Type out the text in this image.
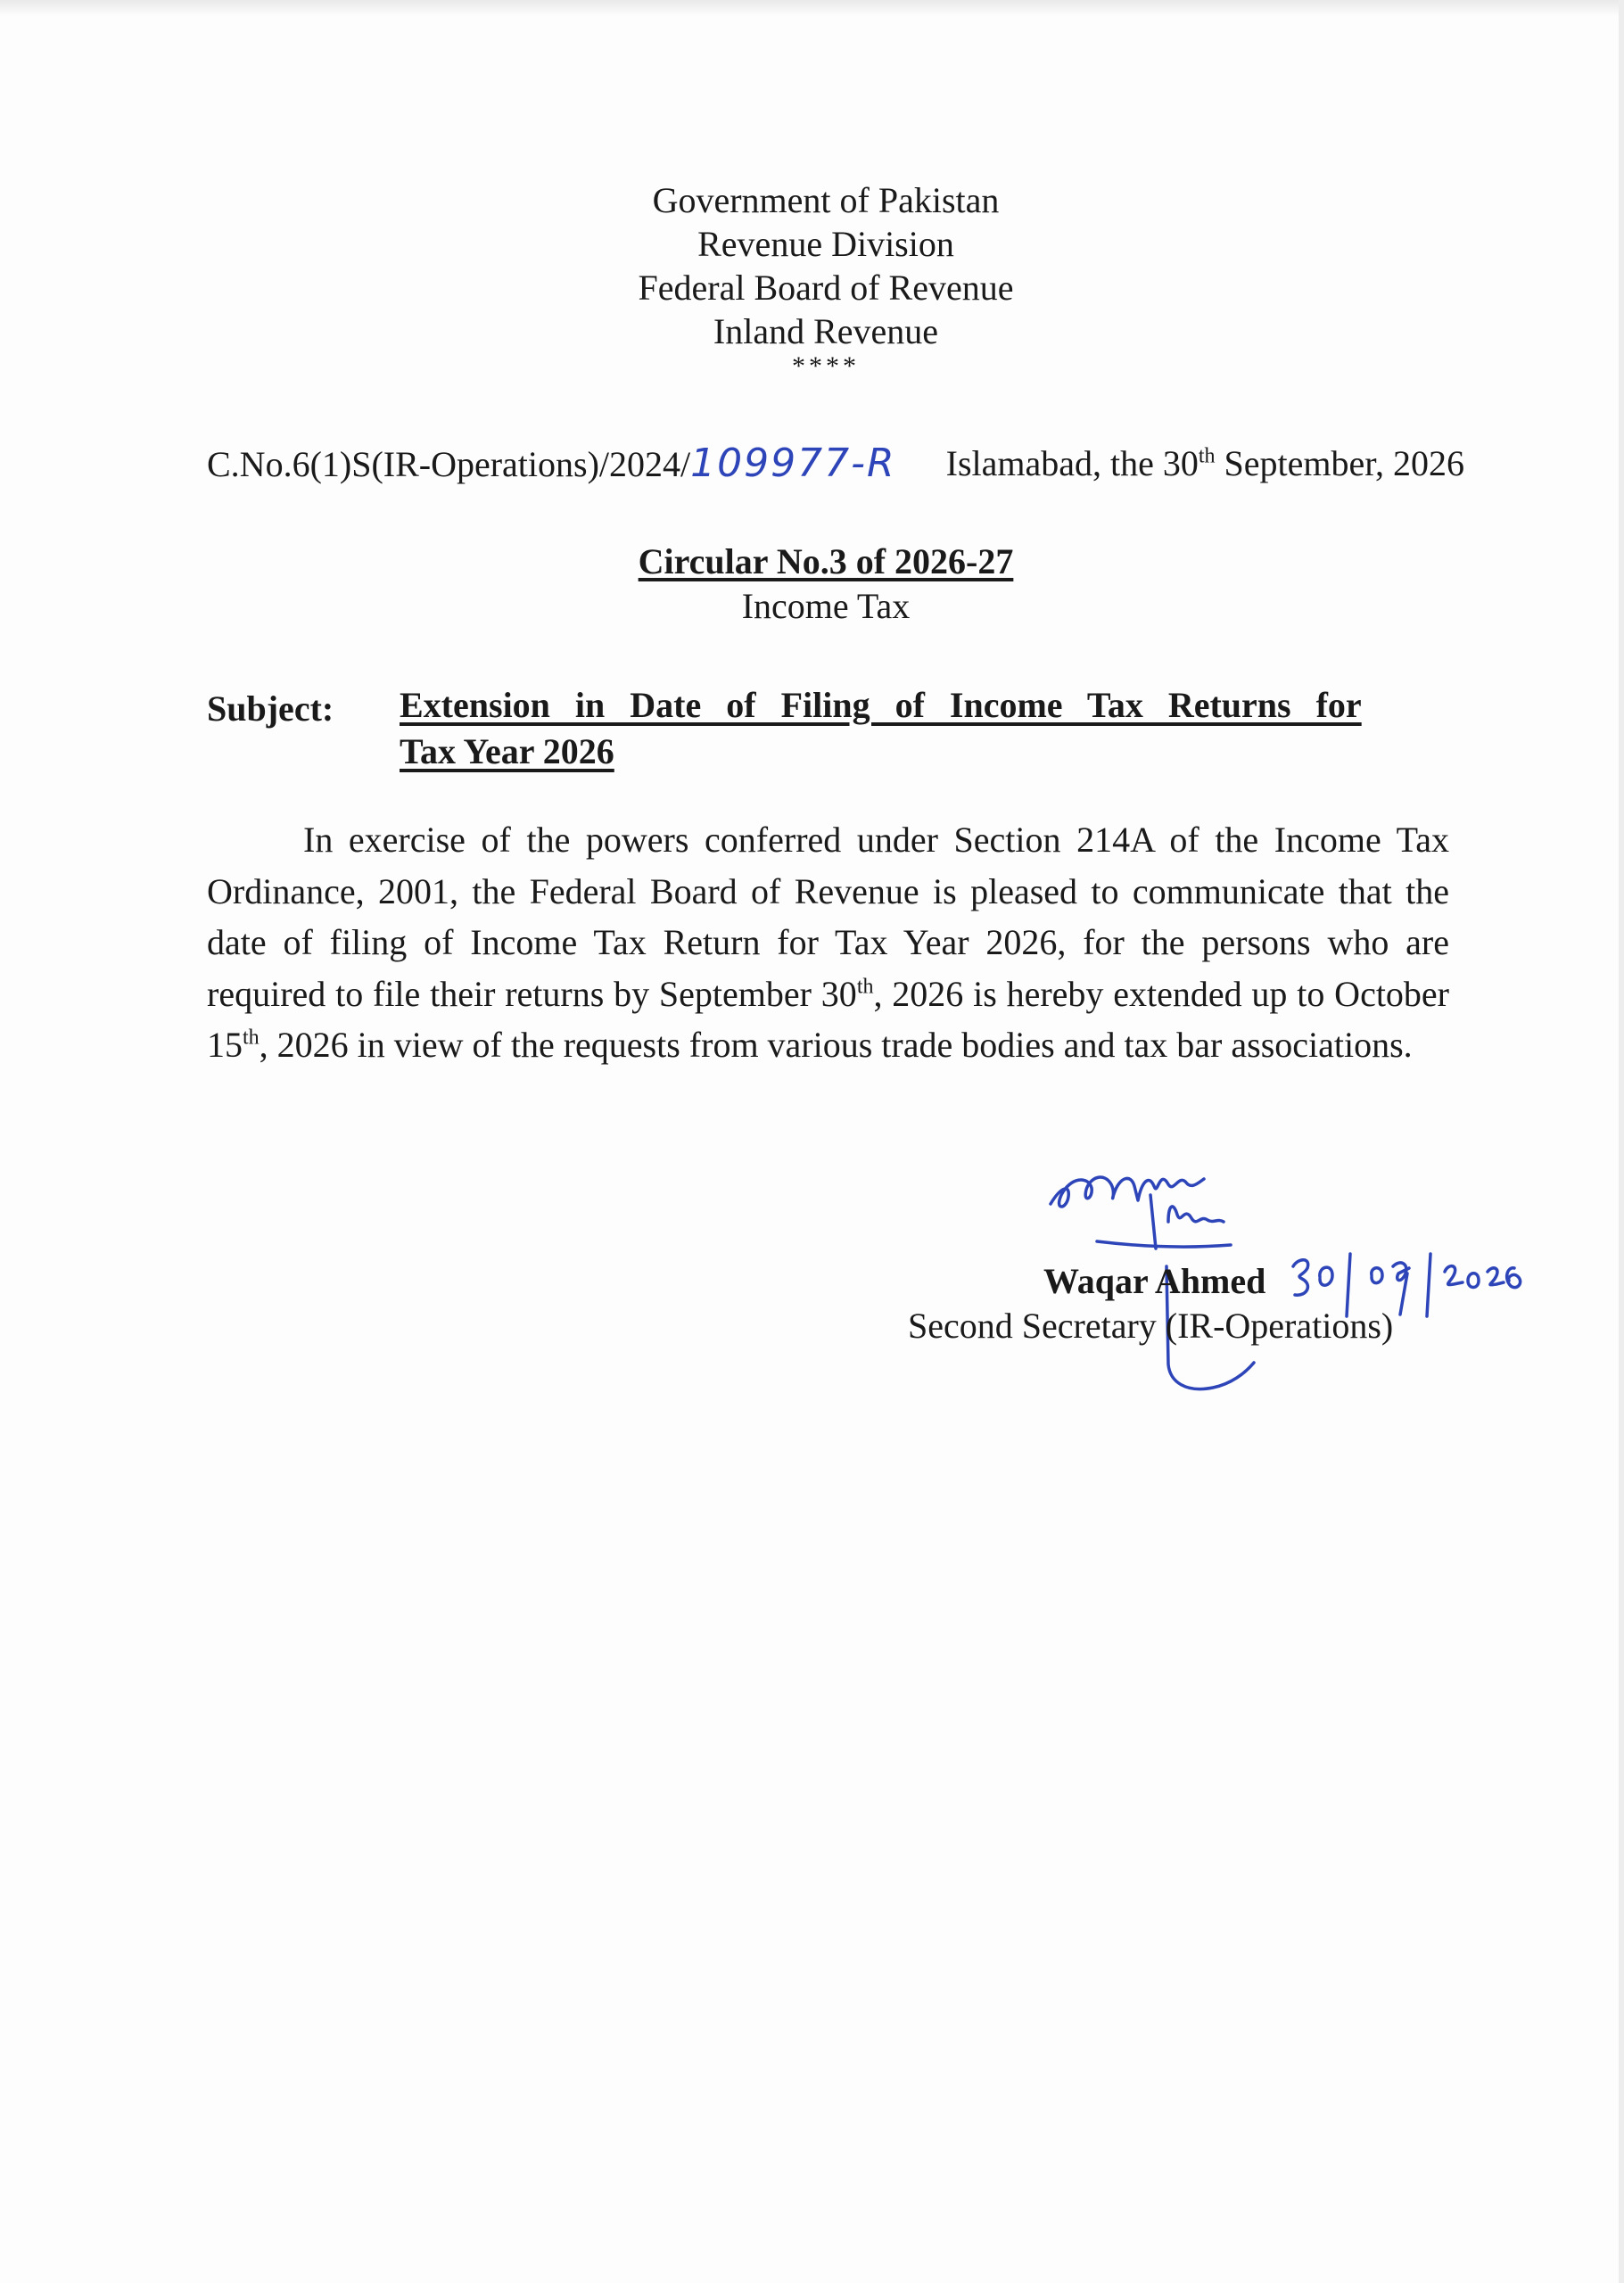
Government of Pakistan
Revenue Division
Federal Board of Revenue
Inland Revenue
****
C.No.6(1)S(IR-Operations)/2024/109977-R Islamabad, the 30th September, 2026
Circular No.3 of 2026-27
Income Tax
Subject: Extension in Date of Filing of Income Tax Returns for
Tax Year 2026
In exercise of the powers conferred under Section 214A of the Income Tax Ordinance, 2001, the Federal Board of Revenue is pleased to communicate that the date of filing of Income Tax Return for Tax Year 2026, for the persons who are required to file their returns by September 30th, 2026 is hereby extended up to October 15th, 2026 in view of the requests from various trade bodies and tax bar associations.
Waqar Ahmed
Second Secretary (IR-Operations)
